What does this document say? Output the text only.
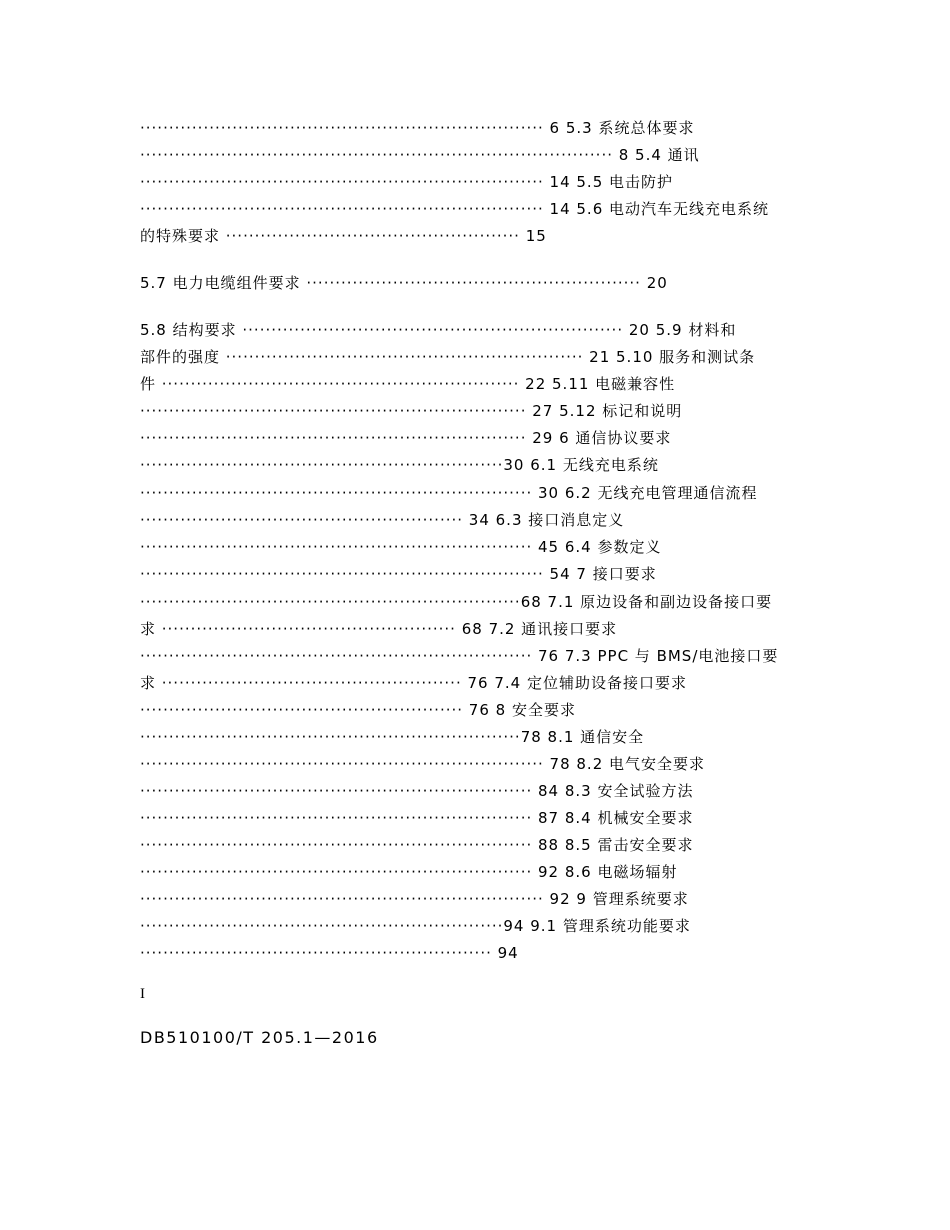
······································································ 6 5.3 系统总体要求
·················································································· 8 5.4 通讯
······································································ 14 5.5 电击防护
······································································ 14 5.6 电动汽车无线充电系统
的特殊要求 ··················································· 15
5.7 电力电缆组件要求 ·························································· 20
5.8 结构要求 ·································································· 20 5.9 材料和
部件的强度 ······························································ 21 5.10 服务和测试条
件 ······························································ 22 5.11 电磁兼容性
··································································· 27 5.12 标记和说明
··································································· 29 6 通信协议要求
·······························································30 6.1 无线充电系统
···································································· 30 6.2 无线充电管理通信流程
························································ 34 6.3 接口消息定义
···································································· 45 6.4 参数定义
······································································ 54 7 接口要求
··································································68 7.1 原边设备和副边设备接口要
求 ··················································· 68 7.2 通讯接口要求
···································································· 76 7.3 PPC 与 BMS/电池接口要
求 ···················································· 76 7.4 定位辅助设备接口要求
························································ 76 8 安全要求
··································································78 8.1 通信安全
······································································ 78 8.2 电气安全要求
···································································· 84 8.3 安全试验方法
···································································· 87 8.4 机械安全要求
···································································· 88 8.5 雷击安全要求
···································································· 92 8.6 电磁场辐射
······································································ 92 9 管理系统要求
·······························································94 9.1 管理系统功能要求
····························································· 94
I
DB510100/T 205.1—2016
